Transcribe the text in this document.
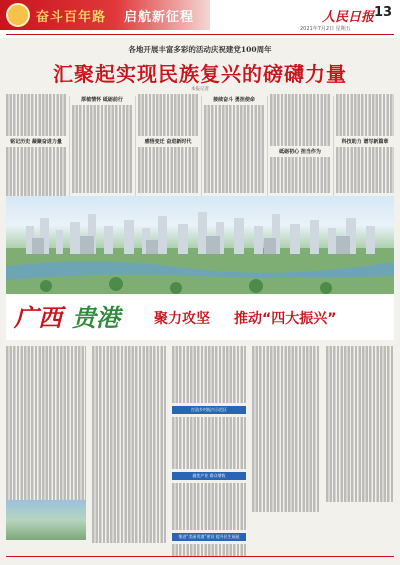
奋斗百年路 启航新征程	人民日报 13
2021年7月2日 星期五
各地开展丰富多彩的活动庆祝建党100周年
汇聚起实现民族复兴的磅礴力量
本报记者
铭记历史 凝聚奋进力量
厚植情怀 砥砺前行
感悟变迁 奋进新时代
接续奋斗 勇担使命
砥砺初心 担当作为
科技助力 谱写新篇章
广西 贵港 聚力攻坚 推动“四大振兴”
打造乡村振兴示范区
做优产业 群众增收
推进“美丽贵港”建设 提升民生福祉
